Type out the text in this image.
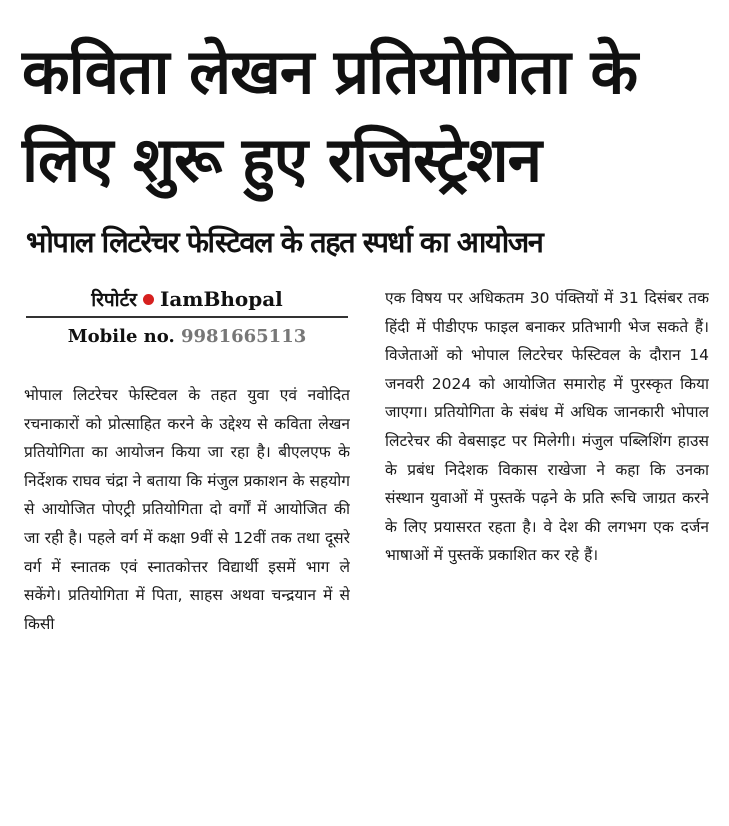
कविता लेखन प्रतियोगिता के
लिए शुरू हुए रजिस्ट्रेशन
भोपाल लिटरेचर फेस्टिवल के तहत स्पर्धा का आयोजन
रिपोर्टर IamBhopal
Mobile no. 9981665113

भोपाल लिटरेचर फेस्टिवल के तहत युवा एवं नवोदित रचनाकारों को प्रोत्साहित करने के उद्देश्य से कविता लेखन प्रतियोगिता का आयोजन किया जा रहा है। बीएलएफ के निर्देशक राघव चंद्रा ने बताया कि मंजुल प्रकाशन के सहयोग से आयोजित पोएट्री प्रतियोगिता दो वर्गों में आयोजित की जा रही है। पहले वर्ग में कक्षा 9वीं से 12वीं तक तथा दूसरे वर्ग में स्नातक एवं स्नातकोत्तर विद्यार्थी इसमें भाग ले सकेंगे। प्रतियोगिता में पिता, साहस अथवा चन्द्रयान में से किसी

एक विषय पर अधिकतम 30 पंक्तियों में 31 दिसंबर तक हिंदी में पीडीएफ फाइल बनाकर प्रतिभागी भेज सकते हैं। विजेताओं को भोपाल लिटरेचर फेस्टिवल के दौरान 14 जनवरी 2024 को आयोजित समारोह में पुरस्कृत किया जाएगा। प्रतियोगिता के संबंध में अधिक जानकारी भोपाल लिटरेचर की वेबसाइट पर मिलेगी। मंजुल पब्लिशिंग हाउस के प्रबंध निदेशक विकास राखेजा ने कहा कि उनका संस्थान युवाओं में पुस्तकें पढ़ने के प्रति रूचि जाग्रत करने के लिए प्रयासरत रहता है। वे देश की लगभग एक दर्जन भाषाओं में पुस्तकें प्रकाशित कर रहे हैं।
